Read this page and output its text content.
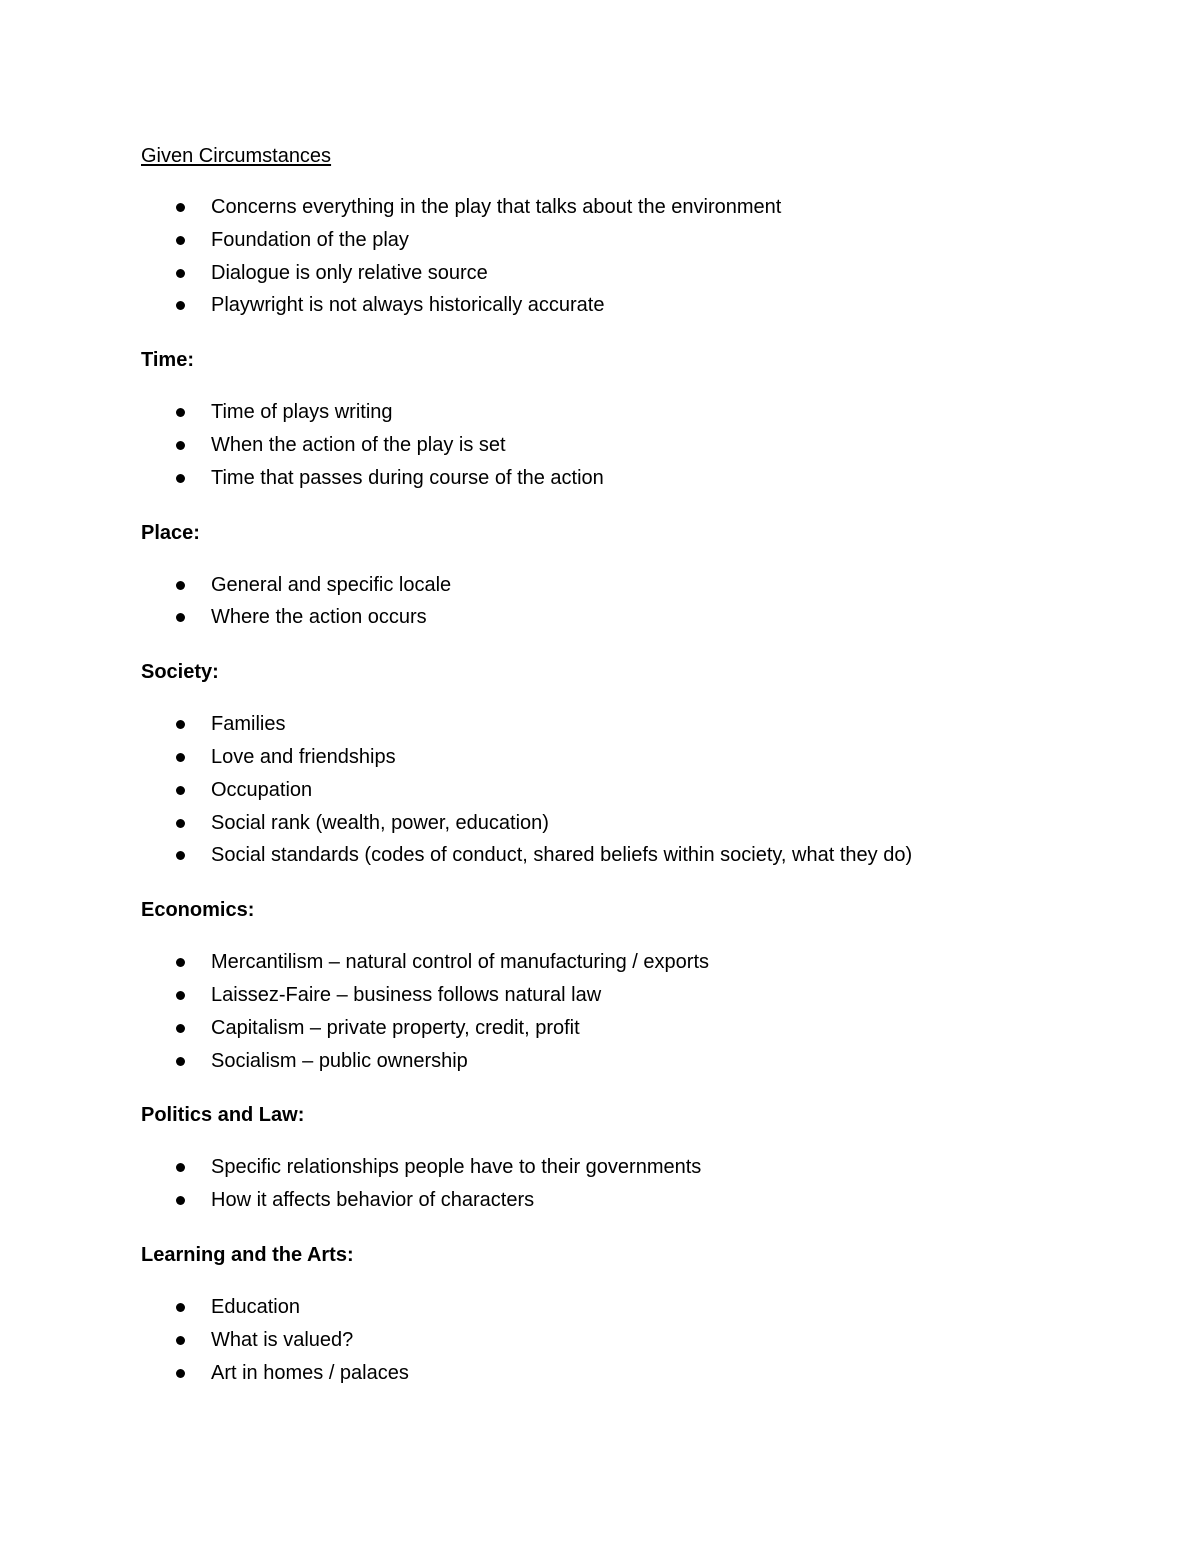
Given Circumstances

Concerns everything in the play that talks about the environment
Foundation of the play
Dialogue is only relative source
Playwright is not always historically accurate

Time:

Time of plays writing
When the action of the play is set
Time that passes during course of the action

Place:

General and specific locale
Where the action occurs

Society:

Families
Love and friendships
Occupation
Social rank (wealth, power, education)
Social standards (codes of conduct, shared beliefs within society, what they do)

Economics:

Mercantilism – natural control of manufacturing / exports
Laissez-Faire – business follows natural law
Capitalism – private property, credit, profit
Socialism – public ownership

Politics and Law:

Specific relationships people have to their governments
How it affects behavior of characters

Learning and the Arts:

Education
What is valued?
Art in homes / palaces
